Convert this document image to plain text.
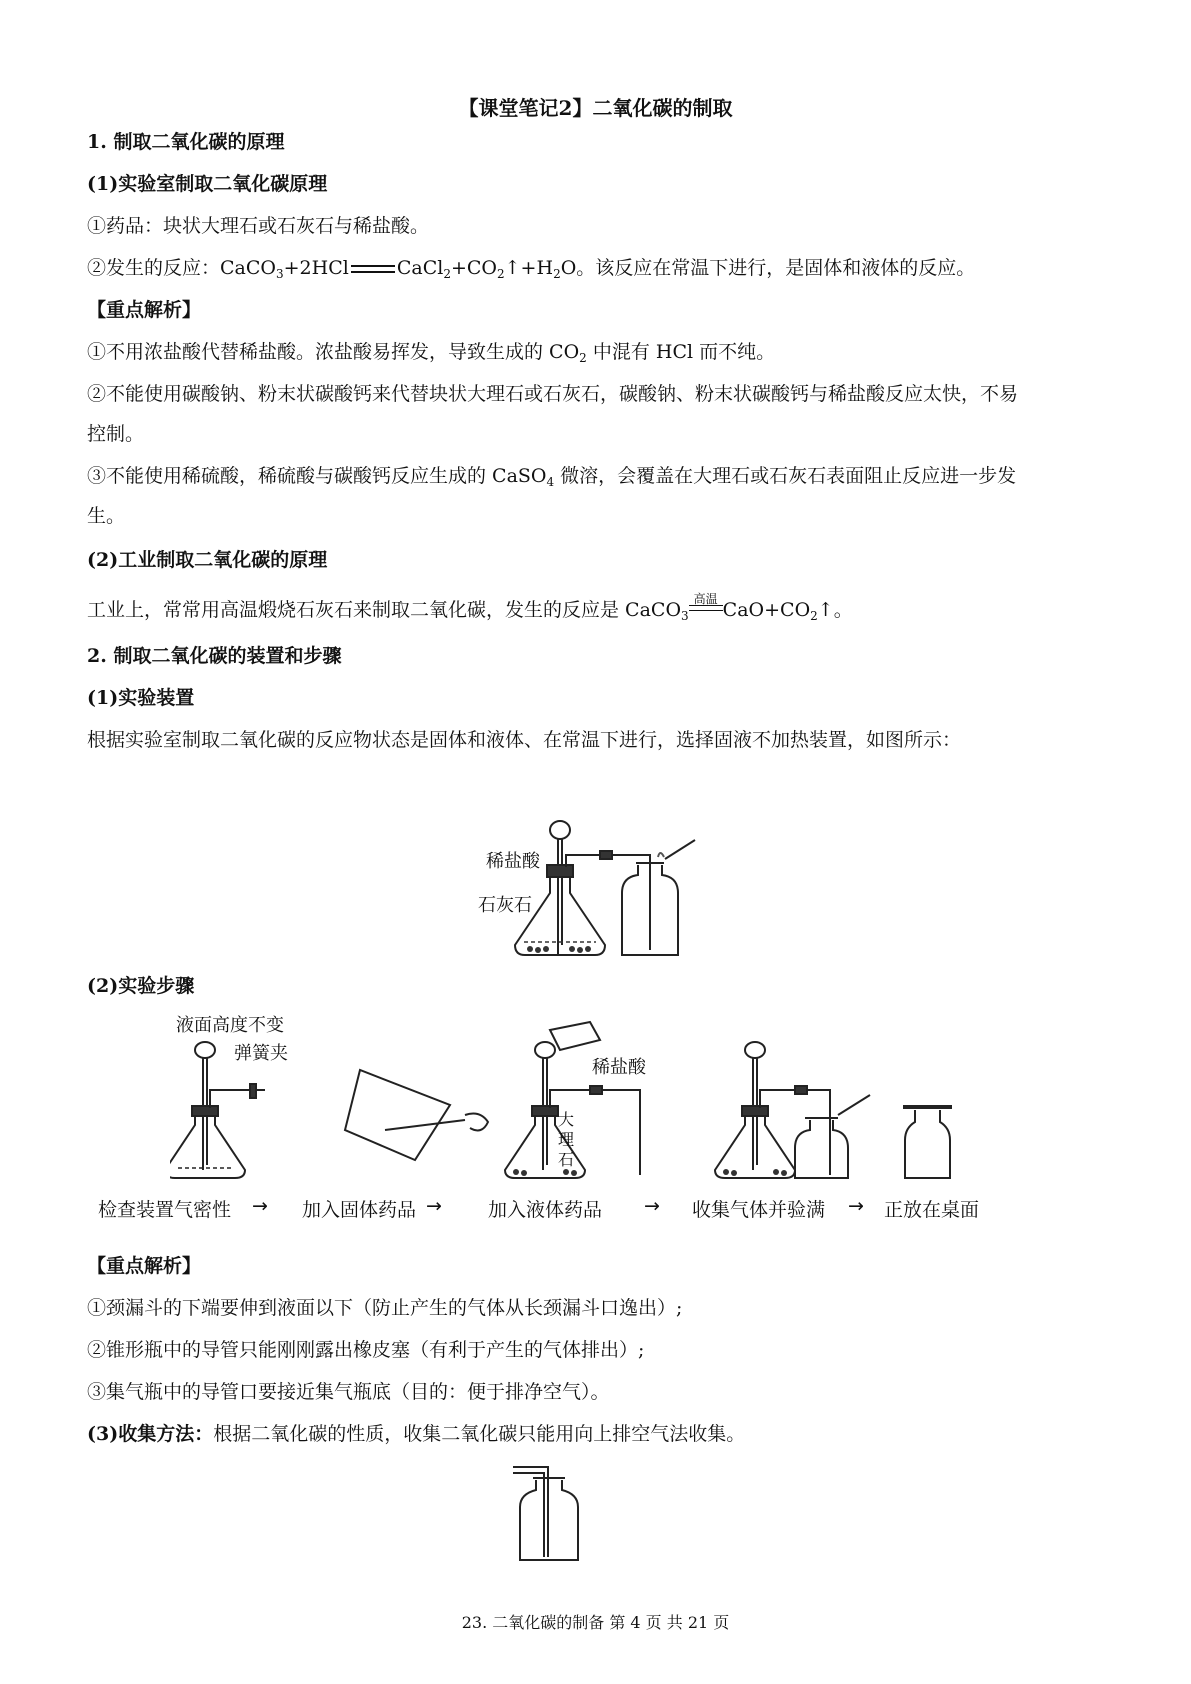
【课堂笔记2】二氧化碳的制取
1. 制取二氧化碳的原理
(1)实验室制取二氧化碳原理
①药品：块状大理石或石灰石与稀盐酸。
②发生的反应：CaCO$_3$+2HCl	$CaCl_2+CO_2↑+H_2O$。该反应在常温下进行，是固体和液体的反应。
【重点解析】
①不用浓盐酸代替稀盐酸。浓盐酸易挥发，导致生成的 $CO_2$ 中混有 HCl 而不纯。
②不能使用碳酸钠、粉末状碳酸钙来代替块状大理石或石灰石，碳酸钠、粉末状碳酸钙与稀盐酸反应太快，不易
控制。
③不能使用稀硫酸，稀硫酸与碳酸钙反应生成的 CaSO$_4$ 微溶，会覆盖在大理石或石灰石表面阻止反应进一步发
生。
(2)工业制取二氧化碳的原理
工业上，常常用高温煅烧石灰石来制取二氧化碳，发生的反应是 CaCO$_3$
高温 $CaO+CO_2↑$。
2. 制取二氧化碳的装置和步骤
(1)实验装置
根据实验室制取二氧化碳的反应物状态是固体和液体、在常温下进行，选择固液不加热装置，如图所示：
稀盐酸
石灰石
(2)实验步骤
液面高度不变
弹簧夹
稀盐酸
大
理
石
检查装置气密性 → 加入固体药品 → 加入液体药品 → 收集气体并验满 → 正放在桌面
【重点解析】
①颈漏斗的下端要伸到液面以下（防止产生的气体从长颈漏斗口逸出）;
②锥形瓶中的导管只能刚刚露出橡皮塞（有利于产生的气体排出）;
③集气瓶中的导管口要接近集气瓶底（目的：便于排净空气）。
(3)收集方法：根据二氧化碳的性质，收集二氧化碳只能用向上排空气法收集。
23. 二氧化碳的制备 第 4 页 共 21 页
